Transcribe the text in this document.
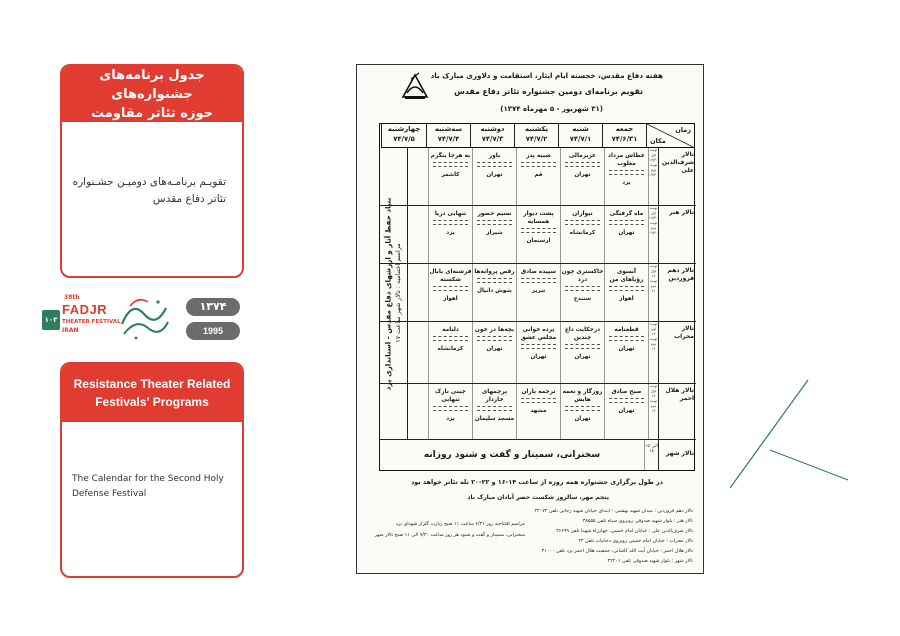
جدول برنامه‌های جشنواره‌های
حوزه تئاتر مقاومت
تقویـم برنامـه‌های دومیـن جشـنواره
تئاتر دفاع مقدس
۱۰۳
38th
FADJR
THEATER FESTIVAL
IRAN
۱۳۷۴
1995
Resistance Theater Related
Festivals' Programs
The Calendar for the Second Holy
Defense Festival
هفته دفاع مقدس، خجسته ایام ایثار، استقامت و دلاوری مبارک باد
تقویم برنامه‌ای دومین جشنواره تئاتر دفاع مقدس
(۳۱ شهریور - ۵ مهرماه ۱۳۷۴)
زمان
مکان
جمعه
۷۴/۶/۳۱
شنبه
۷۴/۷/۱
یکشنبه
۷۴/۷/۲
دوشنبه
۷۴/۷/۳
سه‌شنبه
۷۴/۷/۴
چهارشنبه
۷۴/۷/۵
تالار شرف‌الدین علی
نوبت اول ۱۷/۳۰ نوبت دوم ۱۹/۳۰
عطاش مرداد مغلوب
یزد
عزیزمالی
تهران
شبیه پدر
قم
باور
تهران
به هرجا بنگرم
کاشمر
تالار هنر
نوبت اول ۱۷/۳۰ نوبت دوم ۱۹/۳۰
ماه گرفتگی
تهران
تیواران
کرمانشاه
پشت دیوار همسایه
ارسنجان
نسیم حضور
شیراز
تنهایی دریا
یزد
تالار دهم فروردین
نوبت اول ۱۸ نوبت دوم ۲۱
آنسوی رؤیاهای من
اهواز
خاکستری چون درد
سنندج
سپیده صادق
تبریز
رقص پروانه‌ها
شوش دانیال
فرشته‌ای بابال شکسته
اهواز
تالار محراب
نوبت اول ۱۷ نوبت دوم ۱۹
قطعنامه
تهران
درحکایت داغ چندین
تهران
پرده خوانی مجلس عشق
تهران
بچه‌ها در خون
تهران
دلنامه
کرمانشاه
تالار هلال احمر
نوبت اول ۱۷ نوبت دوم ۱۹
صبح صادق
تهران
روزگار و نغمه هایش
تهران
ترجمه باران
مشهد
پرچمهای خاردار
مسجد سلیمان
چینی نازک تنهایی
یزد
تالار شهر
۱۵ الی ۱۸
سخنرانی، سمینار و گفت و شنود روزانه
بنیاد حفظ آثار و ارزشهای دفاع مقدس - استانداری یزد مراسم اختتامیه : تالار شهر ساعت ۱۷
در طول برگزاری جشنواره همه روزه از ساعت ۱۴-۱۶ و ۲۲-۲۰ تله تئاتر خواهد بود
پنجم مهر، سالروز شکست حصر آبادان مبارک باد
تالار دهم فروردین : میدان شهید بهشتی - ابتدای خیابان شهید رجایی تلفن ۴۳۰۷۲
تالار هنر : بلوار شهید صدوقی روبروی سپاه تلفن ۳۸۵۵۵
تالار شرف‌الدین علی : خیابان امام خمینی، چهارراه شهدا تلفن ۳۶۶۹۹
تالار محراب : خیابان امام خمینی روبروی دخانیات تلفن ۳۳
تالار هلال احمر : خیابان آیت الله کاشانی، جمعیت هلال احمر یزد تلفن ۳۱۰۰۰
تالار شهر : بلوار شهید صدوقی تلفن ۴۲۲۰۱
مراسم افتتاحیه روز ۶/۳۱ ساعت ۱۱ صبح زیارت گلزار شهدای یزد
سخنرانی، سمینار و گفت و شنود هر روز ساعت ۹/۳۰ الی ۱۱ صبح تالار شهر
